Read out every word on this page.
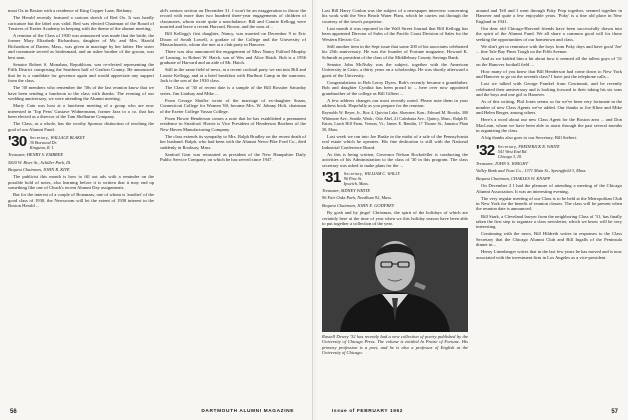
most Ox in Boston with a residence of King Copper Lane, Bethany.

The Herald recently featured a cartoon sketch of Red Ox. It was hardly caricature but the label was valid. Red was elected Chairman of the Board of Trustees of Exeter Academy in keeping with the theme of the alumni meeting.

A reunion of the Class of 1930 was announced was made that the bride, the former Mary Elizabeth Richardson, daughter of Mr. and Mrs. Harold Richardson of Darien, Mass., was given in marriage by her father. Her sister and roommate served as bridesmaid, and an usher brother of the groom, was best man.

Senator Robert S. Monahan, Republican, was re-elected representing the Fifth District comprising the Southern half of Grafton County. He announced that he is a candidate for governor again and would appreciate any support from the class.

The '30 members who remember the '30s of the last reunion know that we have been sending a luncheon to the class with thanks. The evening of our wedding anniversary, we were attending the Alumni meeting.

Marty Cain was host at a luncheon meeting of a group who are now interested in 'Top Pens' Gustave Widnermann, former Jazz to a co. that has been elected as a director of the Tam Shelburne Company.

The Class, as a whole, has the worthy Sponsor distinction of reaching the goal of our Alumni Fund.

'30 Secretary, WALLACE BLAKEY
30 Boxwood Dr.
Kingston, R. I.
Treasurer, HENRY S. EMBREE
5820 W. River St., Schiller Park, Ill.
Bequest Chairman, JOHN R. KITE

The publicist this month is how to fill out ads with a reminder on the possible hold of notes, also learning before it is written that it may end up something like one of Chuck's recent Alumni Day assignments.

But for the interest of a couple of Bonanzas, one of whom is 'another' of the good class of 1930, the Newsroom will let the extent of 1930 interest in the Boston Herald ...

ald's seniors section on December 31. I won't be an exaggeration to throw the record with more than two hundred three-year engagements of children of classmates, whom wrote quite a nonchalance. Bill and Connie Kellogg were married and leave a recent Harvard, Brown, and the sons of...

Bill Kellogg's first daughter, Nancy, was married on December 9 to Eric Dixon of South Lowell, a gradate of the College and the University of Massachusetts, whom she met at a club party in Hanover.

There was also announced the engagement of Miss Nancy Fulford Murphy of Lansing, to Robert W. Hatch, son of Wes and Alice Hatch. Bob is a 1956 graduate of Harvard and an aide of Mr. Hatch.

Still in the same field of news, at a recent cocktail party we ran into Bill and Louise Kellogg, and at a brief breakfast with Hurlburt Camp in the sunroom. Jack is the son of the 1930 class.

The Class of '30 of recent date is a sample of the Bill Rossiter Saturday series. Jim Lindsay and Mike ...

From George Shaffer wrote of the marriage of ex-daughter Susan, Connecticut College for Women '60, became Mrs. W. Johnny Holt, chairman of the Exeter College Vassar College.

From Howie Henderson comes a note that he has established a permanent residence in Stratford. Howie is Vice President of Henderson Brothers of the New Haven Manufacturing Company.

The class extends its sympathy to Mrs. Ralph Bradley on the recent death of her husband. Ralph, who had been with the Alumni News-Pike Ford Co., died suddenly in Roxbury, Mass.

Sanford Gear was reinstated as president of the New Hampshire Daily Public Service Company, on which he has served since 1947.

56	DARTMOUTH ALUMNI MAGAZINE

Last Bill Harry Conlon was the subject of a newspaper interview concerning his work with the Vero Beach Water Plant, which he carries out through the courtesy of the town's proprietor.

Last month it was reported in the Wall Street Journal that Bill Kellogg has been appointed Director of Sales of the Pacific Coast Division of Sales for the Western Electric Co.

Still another item in the Sept issue that some 200 of his associates celebrated his 25th anniversary. He was the founder of Fortune magazine, Howard K. Schmidt as president of the class of the Middlebury County Savings Bank.

Senator John McNulty was the subject, together with the American University in Cairo, a thirty years on a scholarship. He was shortly afterward a guest of the University.

Congratulations to Bob Leroy Dyers. Bob's recently became a grandfather. Bob and daughter Cynthia has been proud to ... here over now appointed grandmother of the college as Bill Gilbert ...

A few address changes our most recently noted. Please note them in your address book. Hopefully as you prepare for the reunion:

Reynolds W. Beyer, Jr., Box 4, Quivira Lake, Shawnee, Kan.; Edward M. Brooks, 300 Whitmore Ave., Seattle, Wash.; Otto Abel, 21 Caledonia Ave., Quincy, Mass.; Ralph B. Eaton, Larch Hill Farm, Vernon, Vt.; James E. Hamlin, 17 Thorne St., Jamaica Plain 30, Mass.

Last week we ran into Joe Baske in the midst of a sale of the Pennsylvania real estate which he operates. His fine dedication is still with the National Industrial Conference Board.

As this is being written, Governor Nelson Rockefeller is conducting the activities of his Administration to the class of '30 in this program. The class secretary was asked to make plans for the ...

'31 Secretary, WILLIAM C. WALLY
96 Pine St.
Ipswich, Mass.
Treasurer, SIDNEY WHITE
96 Fair Oaks Park, Needham 92, Mass.
Bequest Chairman, JOHN E. GODFREY

By gosh and by jingo! Christmas, the spirit of the holidays of which are certainly here at the time of year when we this holiday season have been able to put together a collection of the year.

around and Tell and I went through Poky Prep together, seemed together in Hanover and quite a few enjoyable years. 'Poky' is a fine old place in New England in 1941.

Our dear old Chicago-Harvard friends have been successfully drawn into the spirit of the Alumni Fund. We all share a common good will for those seeking the opportunities of our hometown and class.

We don't get to reminisce with the boys from Poky days and have good 'Joe' ... fine Tale Bay Pines Tough on the Fifth Avenue.

And as we kidded him a bit about how it seemed all the tallest guys of '31 on the Hanover football field ...

How many of you knew that Bill Henderson had come down to New York and Hanover to go on the seventh class? I have just the telephone calls...

Last we talked with George Frankel from Cincinnati, and he recently celebrated their anniversary and is looking forward to their taking his six sons and the boys and one girl to Hanover.

As of this writing, Phil Jones seems so far we've been very fortunate in the number of new Class Agents we've added. Our thanks to Joe Kline and Mike and Helen Berger, among others.

Here's a word about our new Class Agent for the Boston area ... and Don MacLean, whom we have been able to assist through the past several months in organizing the class.

A big thanks also goes to our Secretary, Bill Siebert.

'32 Secretary, FREDERICK R. WHITE
541 West End Rd.
Chicago 3, Ill.
Treasurer, JOHN S. WRIGHT
Valley Bank and Trust Co., 1371 Main St., Springfield 3, Mass.
Bequest Chairman, CHARLES W. KNAPP

On December 2 I had the pleasure of attending a meeting of the Chicago Alumni Association. It was an interesting evening.

The very regular meeting of our Class is to be held at the Metropolitan Club in New York for the benefit of reunion classes. The class will be present when the reunion date is announced.

Bill Stark, a Cleveland lawyer from the neighboring Class of '31, has finally taken the first step to organize a class newsletter, which we know will be very interesting.

Continuing with the news, Bill Hildreth writes in responses to the Class Secretary that the Chicago Alumni Club and Bill Ingalls of the Peninsula dinner in...

Henry Linenberger writes that in the last few years he has moved and is now associated with the investment firm in Los Angeles as a vice-president.

57
Issue of FEBRUARY 1962
Russell Dewey '32 has recently had a new collection of poetry published by the University of Chicago Press. The volume is entitled In Praise of Fortune. His primary profession is a poet, and he is also a professor of English at the University of Chicago.
